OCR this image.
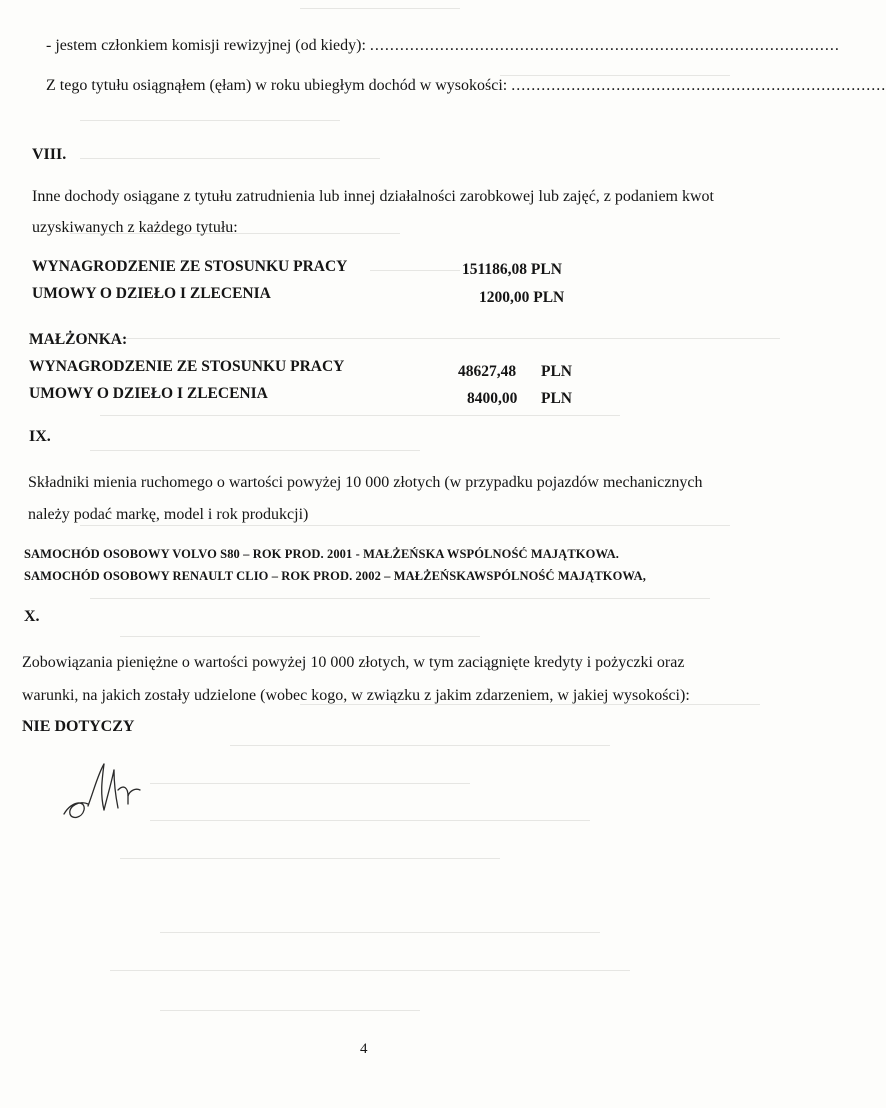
- jestem członkiem komisji rewizyjnej (od kiedy): ..............................................................................................
Z tego tytułu osiągnąłem (ęłam) w roku ubiegłym dochód w wysokości: ...........................................................................
VIII.
Inne dochody osiągane z tytułu zatrudnienia lub innej działalności zarobkowej lub zajęć, z podaniem kwot
uzyskiwanych z każdego tytułu:
WYNAGRODZENIE ZE STOSUNKU PRACY	151186,08 PLN
UMOWY O DZIEŁO I ZLECENIA	1200,00 PLN
MAŁŻONKA:
WYNAGRODZENIE ZE STOSUNKU PRACY	48627,48 PLN
UMOWY O DZIEŁO I ZLECENIA	8400,00 PLN
IX.
Składniki mienia ruchomego o wartości powyżej 10 000 złotych (w przypadku pojazdów mechanicznych
należy podać markę, model i rok produkcji)
SAMOCHÓD OSOBOWY VOLVO S80 – ROK PROD. 2001 - MAŁŻEŃSKA WSPÓLNOŚĆ MAJĄTKOWA.
SAMOCHÓD OSOBOWY RENAULT CLIO – ROK PROD. 2002 – MAŁŻEŃSKAWSPÓLNOŚĆ MAJĄTKOWA,
X.
Zobowiązania pieniężne o wartości powyżej 10 000 złotych, w tym zaciągnięte kredyty i pożyczki oraz
warunki, na jakich zostały udzielone (wobec kogo, w związku z jakim zdarzeniem, w jakiej wysokości):
NIE DOTYCZY
4
